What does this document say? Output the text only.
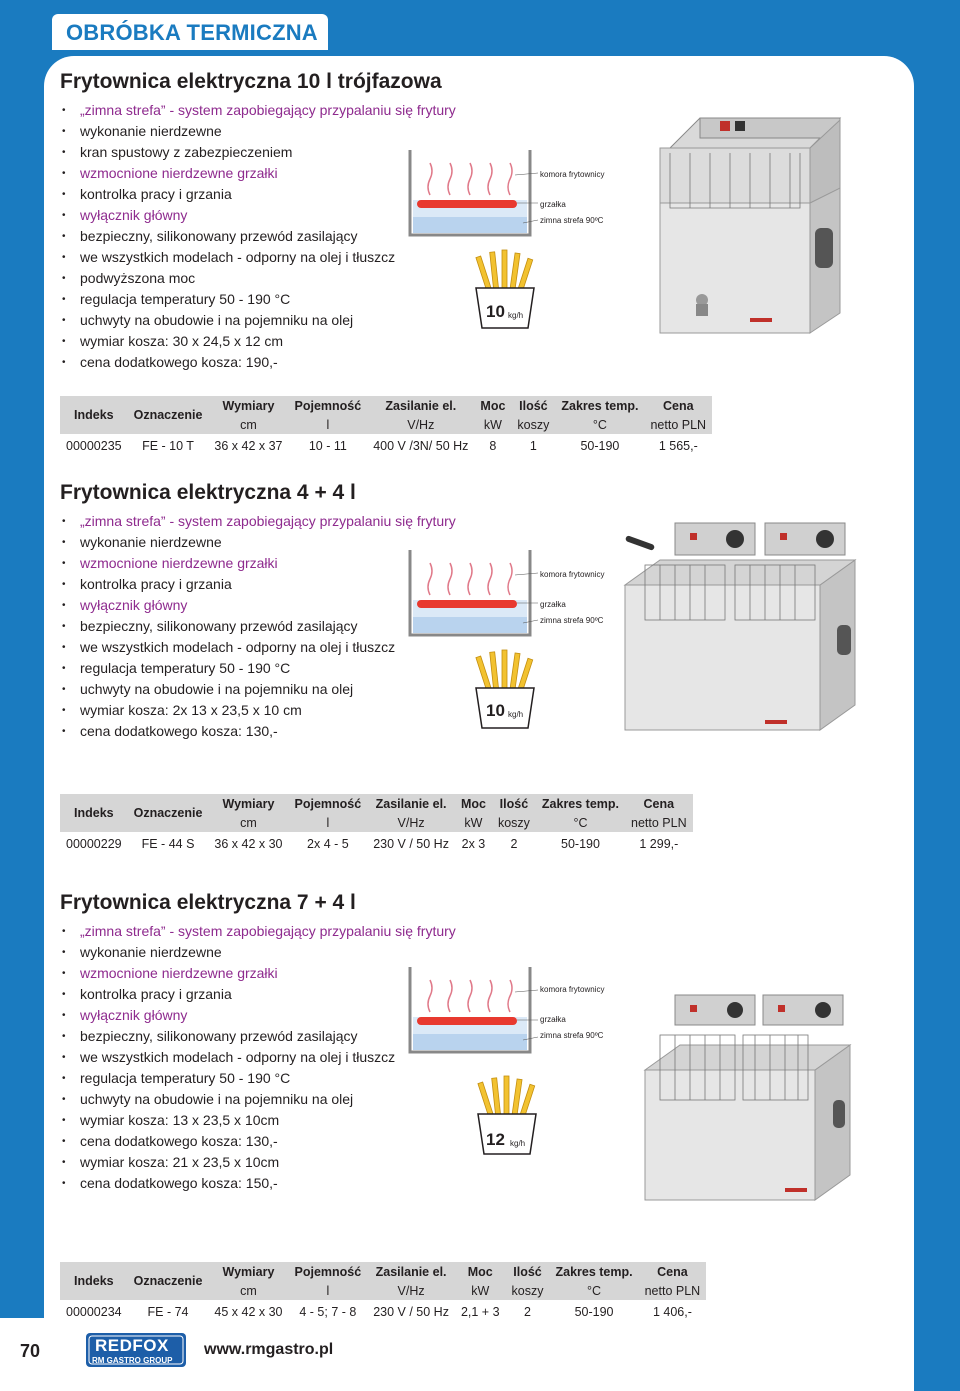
OBRÓBKA TERMICZNA
Frytownica elektryczna 10 l trójfazowa
• „zimna strefa” - system zapobiegający przypalaniu się frytury
• wykonanie nierdzewne
• kran spustowy z zabezpieczeniem
• wzmocnione nierdzewne grzałki
• kontrolka pracy i grzania
• wyłącznik główny
• bezpieczny, silikonowany przewód zasilający
• we wszystkich modelach - odporny na olej i tłuszcz
• podwyższona moc
• regulacja temperatury 50 - 190 °C
• uchwyty na obudowie i na pojemniku na olej
• wymiar kosza: 30 x 24,5 x 12 cm
• cena dodatkowego kosza: 190,-
komora frytownicy
grzałka
zimna strefa 90ºC
10 kg/h
Indeks	Oznaczenie	Wymiary	Pojemność	Zasilanie el.	Moc	Ilość	Zakres temp.	Cena
		cm	l	V/Hz	kW	koszy	°C	netto PLN
00000235	FE - 10 T	36 x 42 x 37	10 - 11	400 V /3N/ 50 Hz	8	1	50-190	1 565,-
Frytownica elektryczna 4 + 4 l
• „zimna strefa” - system zapobiegający przypalaniu się frytury
• wykonanie nierdzewne
• wzmocnione nierdzewne grzałki
• kontrolka pracy i grzania
• wyłącznik główny
• bezpieczny, silikonowany przewód zasilający
• we wszystkich modelach - odporny na olej i tłuszcz
• regulacja temperatury 50 - 190 °C
• uchwyty na obudowie i na pojemniku na olej
• wymiar kosza: 2x 13 x 23,5 x 10 cm
• cena dodatkowego kosza: 130,-
komora frytownicy
grzałka
zimna strefa 90ºC
10 kg/h
Indeks	Oznaczenie	Wymiary	Pojemność	Zasilanie el.	Moc	Ilość	Zakres temp.	Cena
		cm	l	V/Hz	kW	koszy	°C	netto PLN
00000229	FE - 44 S	36 x 42 x 30	2x 4 - 5	230 V / 50 Hz	2x 3	2	50-190	1 299,-
Frytownica elektryczna 7 + 4 l
• „zimna strefa” - system zapobiegający przypalaniu się frytury
• wykonanie nierdzewne
• wzmocnione nierdzewne grzałki
• kontrolka pracy i grzania
• wyłącznik główny
• bezpieczny, silikonowany przewód zasilający
• we wszystkich modelach - odporny na olej i tłuszcz
• regulacja temperatury 50 - 190 °C
• uchwyty na obudowie i na pojemniku na olej
• wymiar kosza: 13 x 23,5 x 10cm
• cena dodatkowego kosza: 130,-
• wymiar kosza: 21 x 23,5 x 10cm
• cena dodatkowego kosza: 150,-
komora frytownicy
grzałka
zimna strefa 90ºC
12 kg/h
Indeks	Oznaczenie	Wymiary	Pojemność	Zasilanie el.	Moc	Ilość	Zakres temp.	Cena
		cm	l	V/Hz	kW	koszy	°C	netto PLN
00000234	FE - 74	45 x 42 x 30	4 - 5; 7 - 8	230 V / 50 Hz	2,1 + 3	2	50-190	1 406,-
70	REDFOX
RM GASTRO GROUP
www.rmgastro.pl
